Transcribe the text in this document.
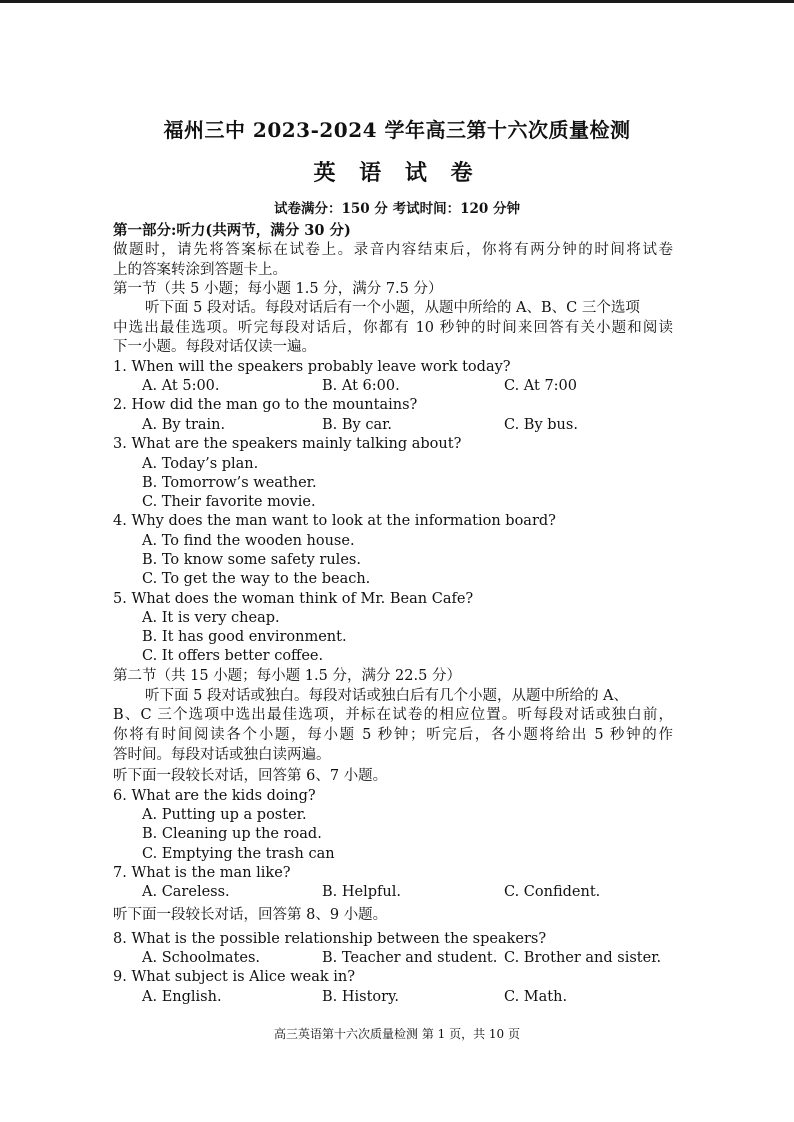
福州三中 2023-2024 学年高三第十六次质量检测
英 语 试 卷
试卷满分：150 分 考试时间：120 分钟
第一部分:听力(共两节，满分 30 分)
做题时，请先将答案标在试卷上。录音内容结束后，你将有两分钟的时间将试卷
上的答案转涂到答题卡上。
第一节（共 5 小题；每小题 1.5 分，满分 7.5 分）
听下面 5 段对话。每段对话后有一个小题，从题中所给的 A、B、C 三个选项
中选出最佳选项。听完每段对话后，你都有 10 秒钟的时间来回答有关小题和阅读
下一小题。每段对话仅读一遍。
1. When will the speakers probably leave work today?
A. At 5:00.	B. At 6:00.	C. At 7:00
2. How did the man go to the mountains?
A. By train.	B. By car.	C. By bus.
3. What are the speakers mainly talking about?
A. Today’s plan.
B. Tomorrow’s weather.
C. Their favorite movie.
4. Why does the man want to look at the information board?
A. To find the wooden house.
B. To know some safety rules.
C. To get the way to the beach.
5. What does the woman think of Mr. Bean Cafe?
A. It is very cheap.
B. It has good environment.
C. It offers better coffee.
第二节（共 15 小题；每小题 1.5 分，满分 22.5 分）
听下面 5 段对话或独白。每段对话或独白后有几个小题，从题中所给的 A、
B、C 三个选项中选出最佳选项，并标在试卷的相应位置。听每段对话或独白前，
你将有时间阅读各个小题，每小题 5 秒钟；听完后，各小题将给出 5 秒钟的作
答时间。每段对话或独白读两遍。
听下面一段较长对话，回答第 6、7 小题。
6. What are the kids doing?
A. Putting up a poster.
B. Cleaning up the road.
C. Emptying the trash can
7. What is the man like?
A. Careless.	B. Helpful.	C. Confident.
听下面一段较长对话，回答第 8、9 小题。
8. What is the possible relationship between the speakers?
A. Schoolmates.	B. Teacher and student. C. Brother and sister.
9. What subject is Alice weak in?
A. English.	B. History.	C. Math.
高三英语第十六次质量检测 第 1 页，共 10 页
